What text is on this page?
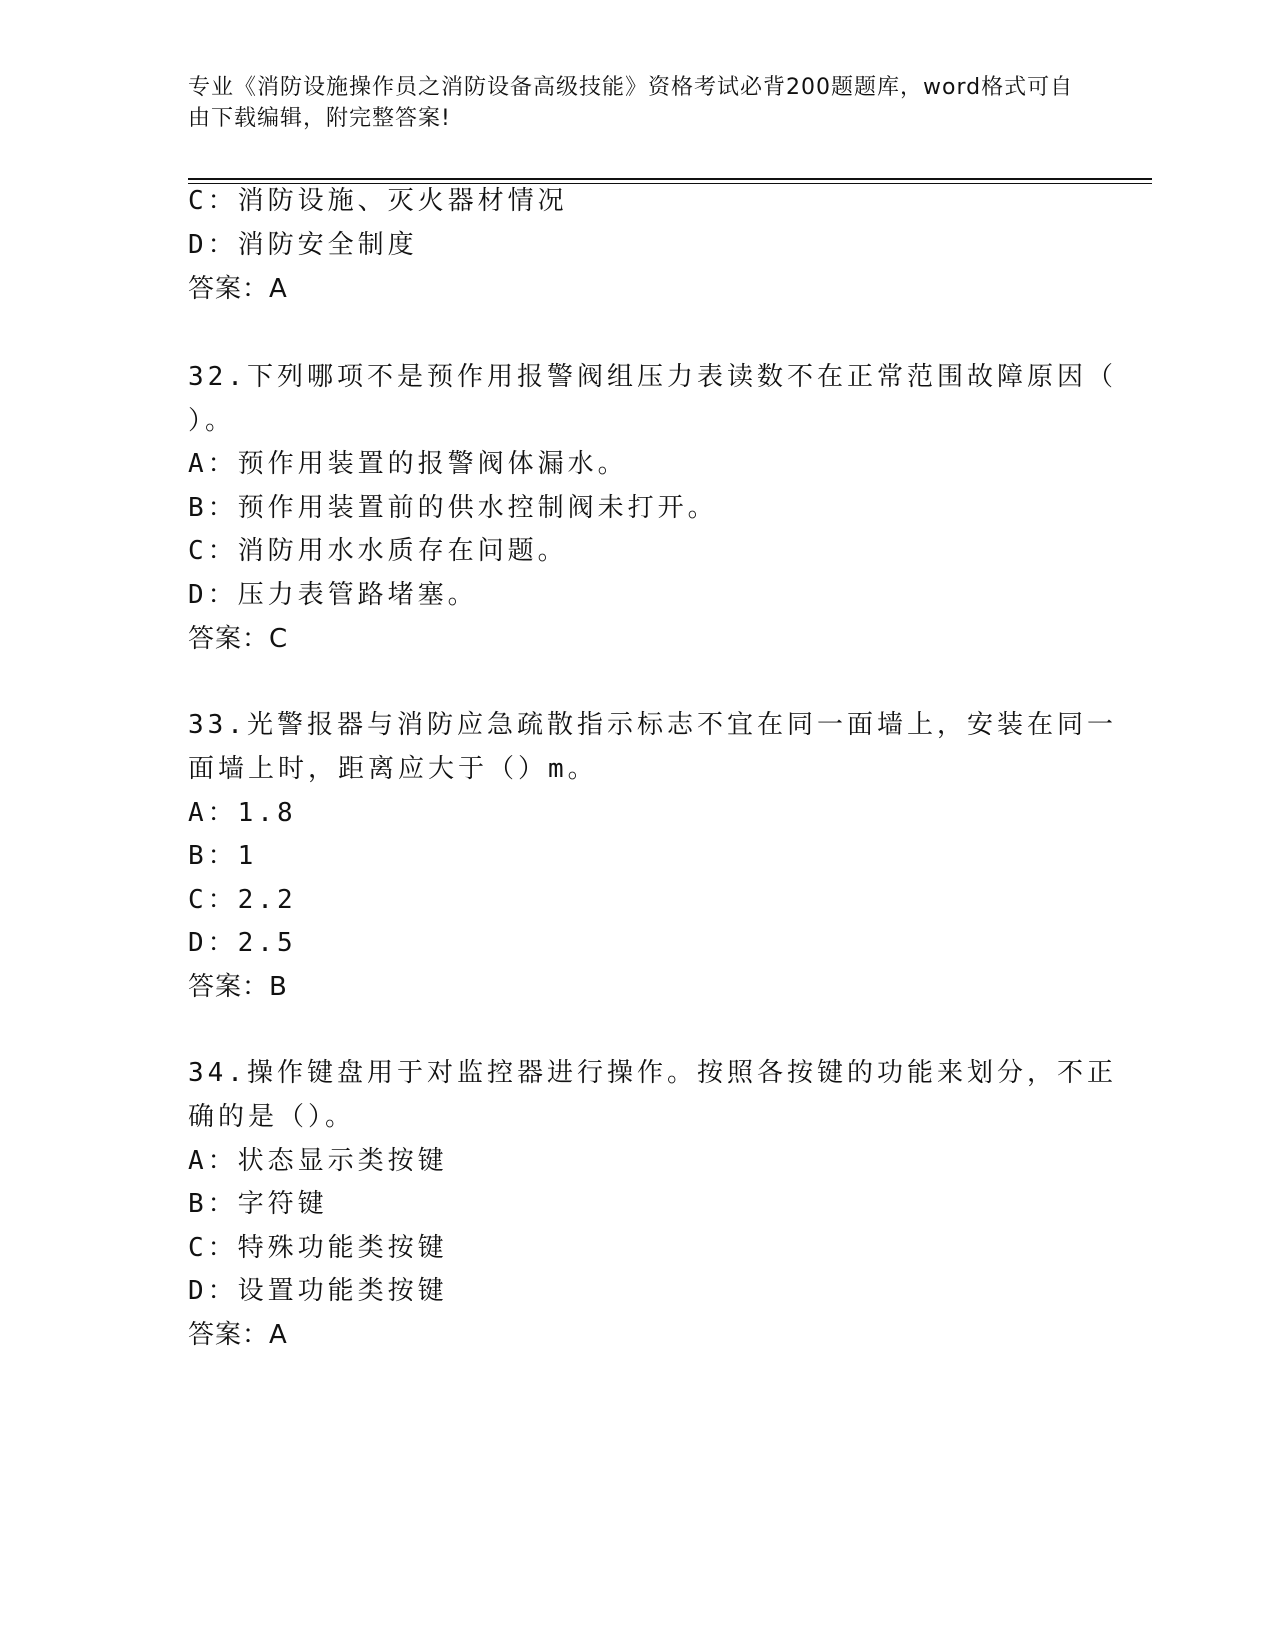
专业《消防设施操作员之消防设备高级技能》资格考试必背200题题库，word格式可自由下载编辑，附完整答案!
C：消防设施、灭火器材情况
D：消防安全制度
答案：A
32.下列哪项不是预作用报警阀组压力表读数不在正常范围故障原因（
）。
A：预作用装置的报警阀体漏水。
B：预作用装置前的供水控制阀未打开。
C：消防用水水质存在问题。
D：压力表管路堵塞。
答案：C
33.光警报器与消防应急疏散指示标志不宜在同一面墙上，安装在同一
面墙上时，距离应大于（）m。
A：1.8
B：1
C：2.2
D：2.5
答案：B
34.操作键盘用于对监控器进行操作。按照各按键的功能来划分，不正
确的是（）。
A：状态显示类按键
B：字符键
C：特殊功能类按键
D：设置功能类按键
答案：A
